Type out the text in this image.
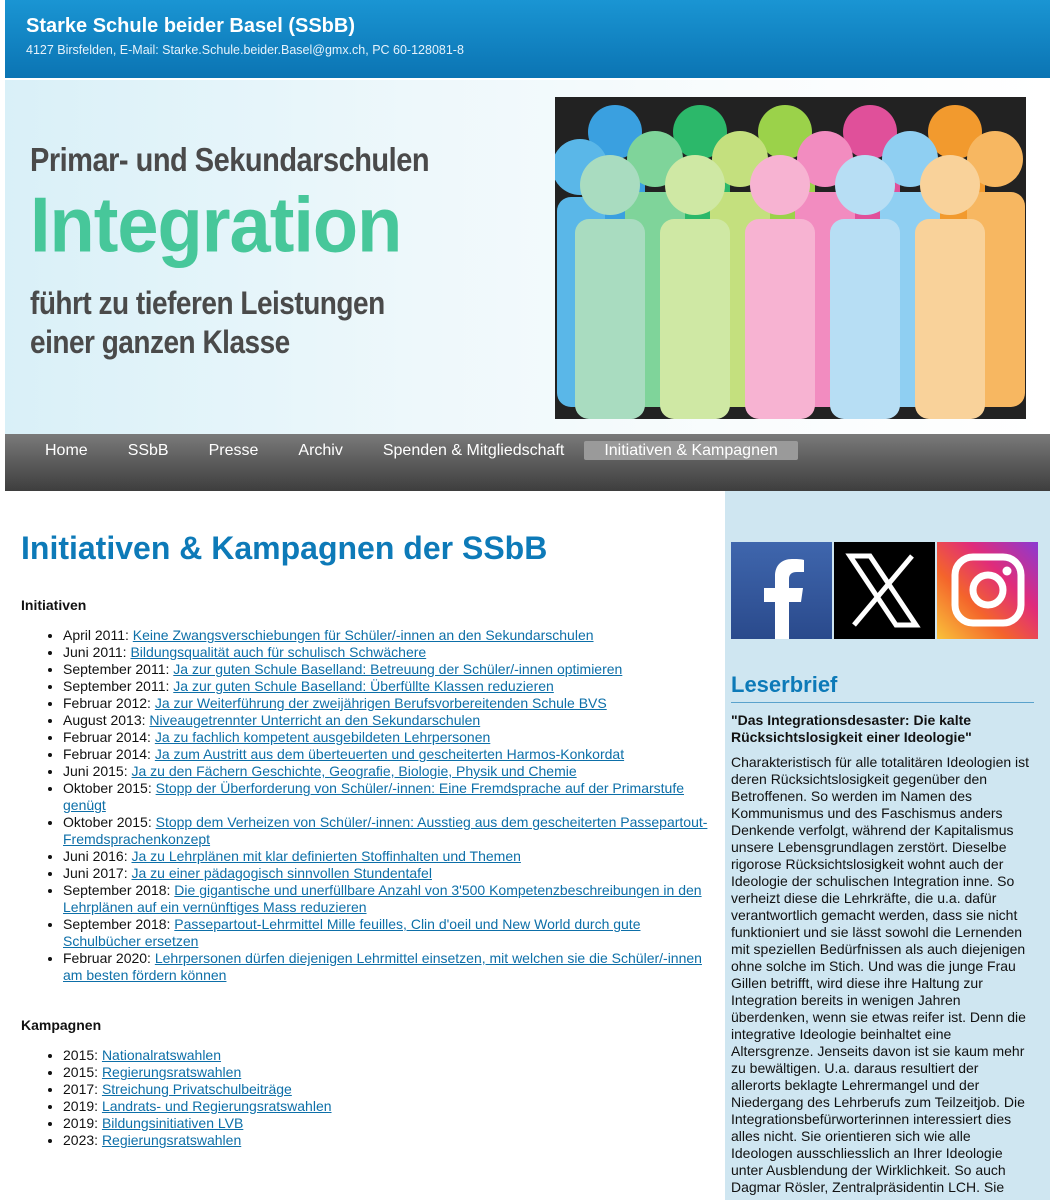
Starke Schule beider Basel (SSbB)
4127 Birsfelden, E-Mail: Starke.Schule.beider.Basel@gmx.ch, PC 60-128081-8
Primar- und Sekundarschulen
Integration
führt zu tieferen Leistungen
einer ganzen Klasse
Home	SSbB	Presse	Archiv	Spenden & Mitgliedschaft	Initiativen & Kampagnen
Initiativen & Kampagnen der SSbB
Initiativen
• April 2011: Keine Zwangsverschiebungen für Schüler/-innen an den Sekundarschulen
• Juni 2011: Bildungsqualität auch für schulisch Schwächere
• September 2011: Ja zur guten Schule Baselland: Betreuung der Schüler/-innen optimieren
• September 2011: Ja zur guten Schule Baselland: Überfüllte Klassen reduzieren
• Februar 2012: Ja zur Weiterführung der zweijährigen Berufsvorbereitenden Schule BVS
• August 2013: Niveaugetrennter Unterricht an den Sekundarschulen
• Februar 2014: Ja zu fachlich kompetent ausgebildeten Lehrpersonen
• Februar 2014: Ja zum Austritt aus dem überteuerten und gescheiterten Harmos-Konkordat
• Juni 2015: Ja zu den Fächern Geschichte, Geografie, Biologie, Physik und Chemie
• Oktober 2015: Stopp der Überforderung von Schüler/-innen: Eine Fremdsprache auf der Primarstufe genügt
• Oktober 2015: Stopp dem Verheizen von Schüler/-innen: Ausstieg aus dem gescheiterten Passepartout-Fremdsprachenkonzept
• Juni 2016: Ja zu Lehrplänen mit klar definierten Stoffinhalten und Themen
• Juni 2017: Ja zu einer pädagogisch sinnvollen Stundentafel
• September 2018: Die gigantische und unerfüllbare Anzahl von 3'500 Kompetenzbeschreibungen in den Lehrplänen auf ein vernünftiges Mass reduzieren
• September 2018: Passepartout-Lehrmittel Mille feuilles, Clin d'oeil und New World durch gute Schulbücher ersetzen
• Februar 2020: Lehrpersonen dürfen diejenigen Lehrmittel einsetzen, mit welchen sie die Schüler/-innen am besten fördern können
Kampagnen
• 2015: Nationalratswahlen
• 2015: Regierungsratswahlen
• 2017: Streichung Privatschulbeiträge
• 2019: Landrats- und Regierungsratswahlen
• 2019: Bildungsinitiativen LVB
• 2023: Regierungsratswahlen
Leserbrief
"Das Integrationsdesaster: Die kalte Rücksichtslosigkeit einer Ideologie"
Charakteristisch für alle totalitären Ideologien ist deren Rücksichtslosigkeit gegenüber den Betroffenen. So werden im Namen des Kommunismus und des Faschismus anders Denkende verfolgt, während der Kapitalismus unsere Lebensgrundlagen zerstört. Dieselbe rigorose Rücksichtslosigkeit wohnt auch der Ideologie der schulischen Integration inne. So verheizt diese die Lehrkräfte, die u.a. dafür verantwortlich gemacht werden, dass sie nicht funktioniert und sie lässt sowohl die Lernenden mit speziellen Bedürfnissen als auch diejenigen ohne solche im Stich. Und was die junge Frau Gillen betrifft, wird diese ihre Haltung zur Integration bereits in wenigen Jahren überdenken, wenn sie etwas reifer ist. Denn die integrative Ideologie beinhaltet eine Altersgrenze. Jenseits davon ist sie kaum mehr zu bewältigen. U.a. daraus resultiert der allerorts beklagte Lehrermangel und der Niedergang des Lehrberufs zum Teilzeitjob. Die Integrationsbefürworterinnen interessiert dies alles nicht. Sie orientieren sich wie alle Ideologen ausschliesslich an Ihrer Ideologie unter Ausblendung der Wirklichkeit. So auch Dagmar Rösler, Zentralpräsidentin LCH. Sie
